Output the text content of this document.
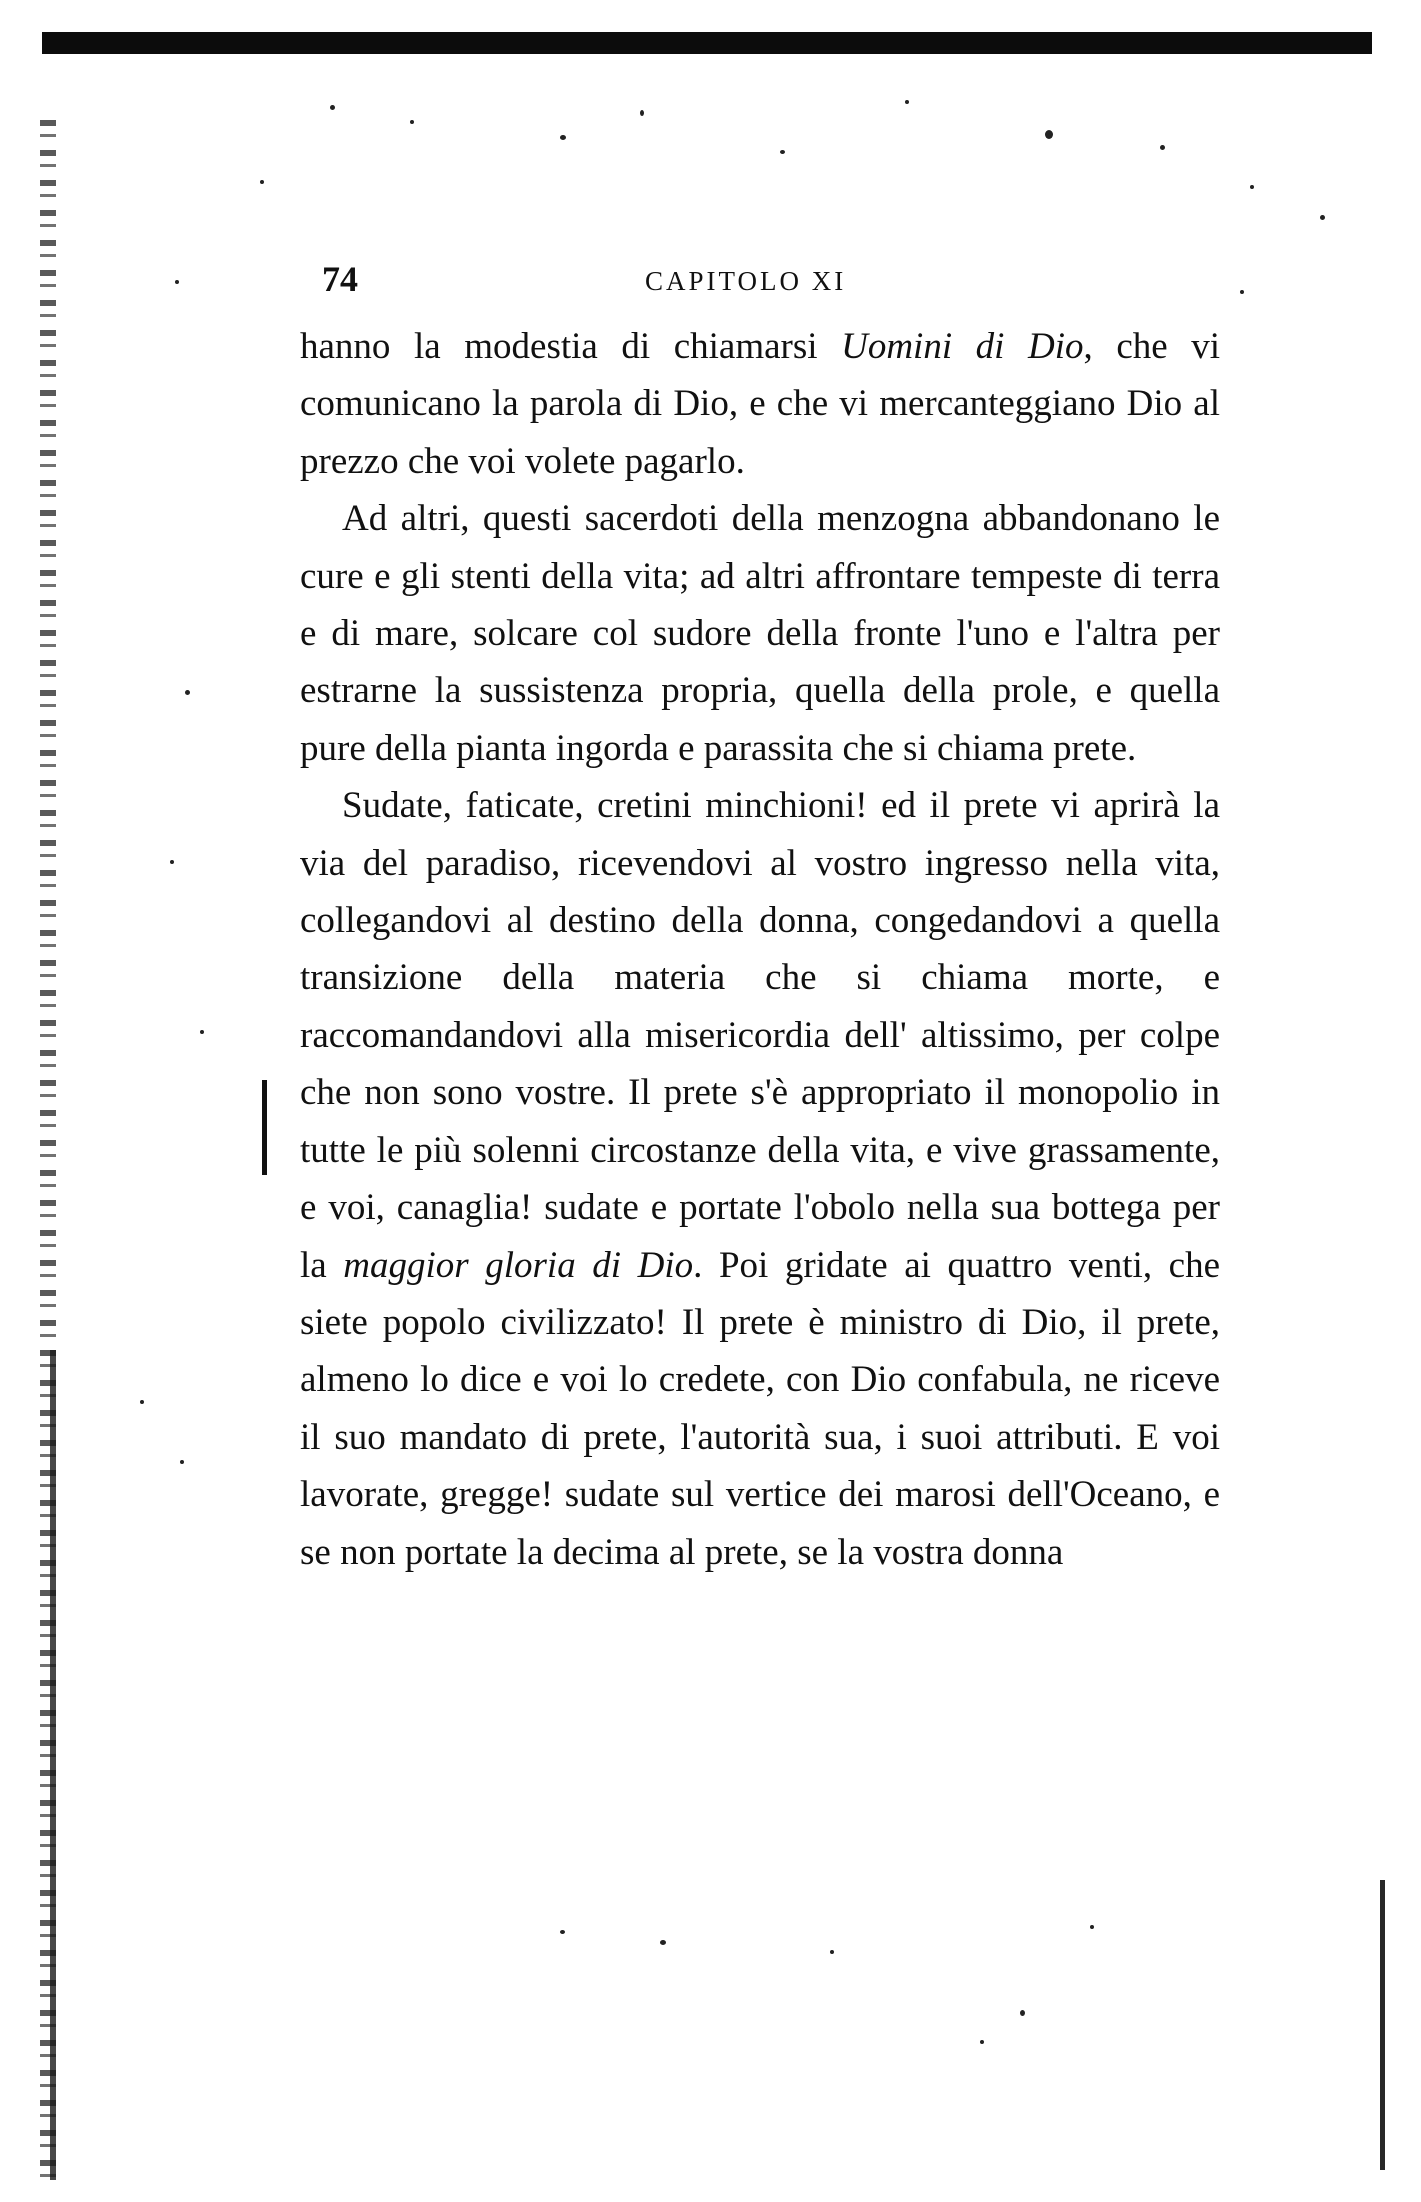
74	CAPITOLO XI

hanno la modestia di chiamarsi Uomini di Dio, che vi comunicano la parola di Dio, e che vi mercanteggiano Dio al prezzo che voi volete pagarlo.

Ad altri, questi sacerdoti della menzogna abbandonano le cure e gli stenti della vita; ad altri affrontare tempeste di terra e di mare, solcare col sudore della fronte l'uno e l'altra per estrarne la sussistenza propria, quella della prole, e quella pure della pianta ingorda e parassita che si chiama prete.

Sudate, faticate, cretini minchioni! ed il prete vi aprirà la via del paradiso, ricevendovi al vostro ingresso nella vita, collegandovi al destino della donna, congedandovi a quella transizione della materia che si chiama morte, e raccomandandovi alla misericordia dell' altissimo, per colpe che non sono vostre. Il prete s'è appropriato il monopolio in tutte le più solenni circostanze della vita, e vive grassamente, e voi, canaglia! sudate e portate l'obolo nella sua bottega per la maggior gloria di Dio. Poi gridate ai quattro venti, che siete popolo civilizzato! Il prete è ministro di Dio, il prete, almeno lo dice e voi lo credete, con Dio confabula, ne riceve il suo mandato di prete, l'autorità sua, i suoi attributi. E voi lavorate, gregge! sudate sul vertice dei marosi dell'Oceano, e se non portate la decima al prete, se la vostra donna
